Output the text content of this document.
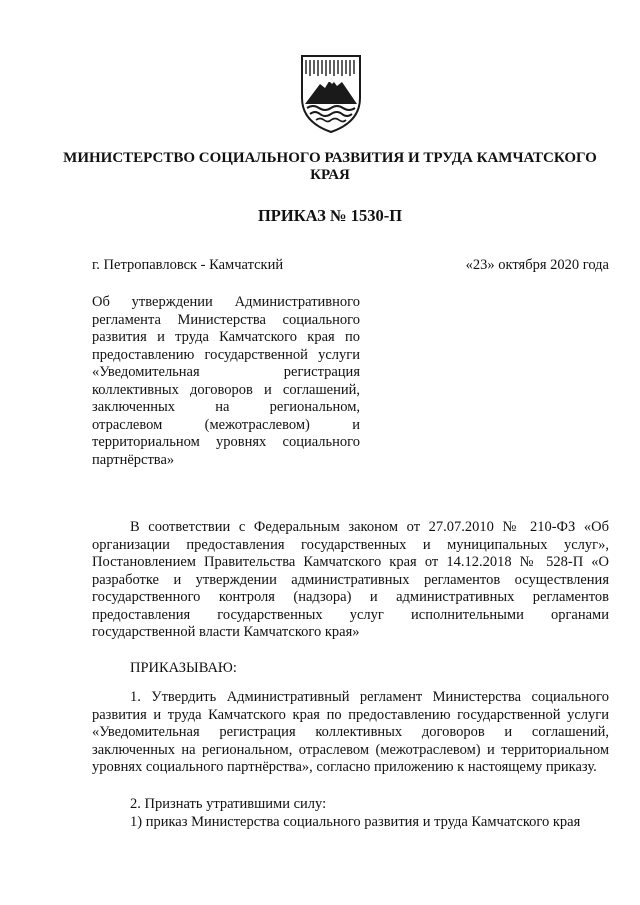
МИНИСТЕРСТВО СОЦИАЛЬНОГО РАЗВИТИЯ И ТРУДА КАМЧАТСКОГО КРАЯ
ПРИКАЗ № 1530-П
г. Петропавловск - Камчатский	«23» октября 2020 года
Об утверждении Административного регламента Министерства социального развития и труда Камчатского края по предоставлению государственной услуги «Уведомительная регистрация коллективных договоров и соглашений, заключенных на региональном, отраслевом (межотраслевом) и территориальном уровнях социального партнёрства»
В соответствии с Федеральным законом от 27.07.2010 № 210-ФЗ «Об организации предоставления государственных и муниципальных услуг», Постановлением Правительства Камчатского края от 14.12.2018 № 528-П «О разработке и утверждении административных регламентов осуществления государственного контроля (надзора) и административных регламентов предоставления государственных услуг исполнительными органами государственной власти Камчатского края»
ПРИКАЗЫВАЮ:
1. Утвердить Административный регламент Министерства социального развития и труда Камчатского края по предоставлению государственной услуги «Уведомительная регистрация коллективных договоров и соглашений, заключенных на региональном, отраслевом (межотраслевом) и территориальном уровнях социального партнёрства», согласно приложению к настоящему приказу.
2. Признать утратившими силу:
1) приказ Министерства социального развития и труда Камчатского края
